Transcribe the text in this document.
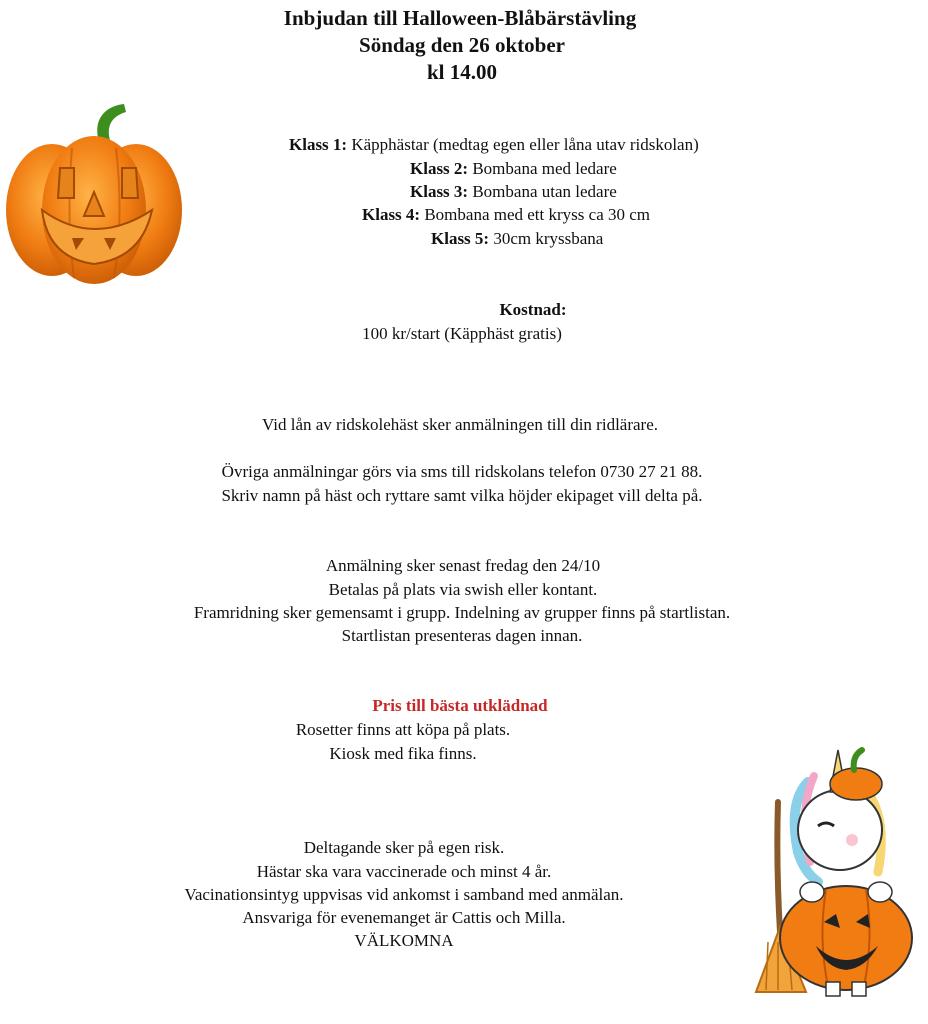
Inbjudan till Halloween-Blåbärstävling
Söndag den 26 oktober
kl 14.00
Klass 1: Käpphästar (medtag egen eller låna utav ridskolan)
Klass 2: Bombana med ledare
Klass 3: Bombana utan ledare
Klass 4: Bombana med ett kryss ca 30 cm
Klass 5: 30cm kryssbana
Kostnad:
100 kr/start (Käpphäst gratis)
Vid lån av ridskolehäst sker anmälningen till din ridlärare.
Övriga anmälningar görs via sms till ridskolans telefon 0730 27 21 88.
Skriv namn på häst och ryttare samt vilka höjder ekipaget vill delta på.
Anmälning sker senast fredag den 24/10
Betalas på plats via swish eller kontant.
Framridning sker gemensamt i grupp. Indelning av grupper finns på startlistan.
Startlistan presenteras dagen innan.
Pris till bästa utklädnad
Rosetter finns att köpa på plats.
Kiosk med fika finns.
Deltagande sker på egen risk.
Hästar ska vara vaccinerade och minst 4 år.
Vacinationsintyg uppvisas vid ankomst i samband med anmälan.
Ansvariga för evenemanget är Cattis och Milla.
VÄLKOMNA
